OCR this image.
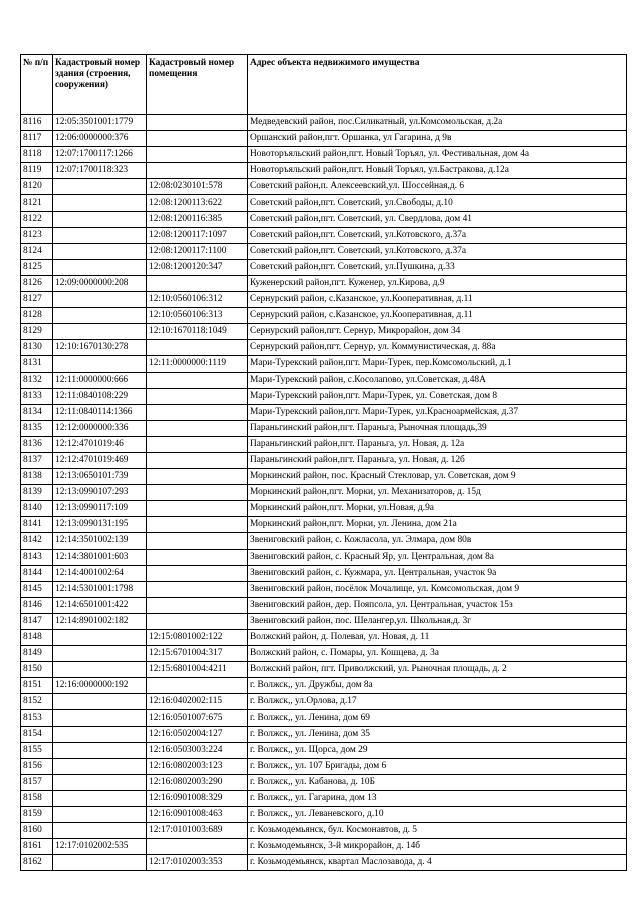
№ п/п	Кадастровый номер здания (строения, сооружения)	Кадастровый номер помещения	Адрес объекта недвижимого имущества
8116	12:05:3501001:1779		Медведевский район, пос.Силикатный, ул.Комсомольская, д.2а
8117	12:06:0000000:376		Оршанский район,пгт. Оршанка, ул Гагарина, д 9в
8118	12:07:1700117:1266		Новоторъяльский район,пгт. Новый Торъял, ул. Фестивальная, дом 4а
8119	12:07:1700118:323		Новоторъяльский район,пгт. Новый Торъял, ул.Бастракова, д.12а
8120		12:08:0230101:578	Советский район,п. Алексеевский,ул. Шоссейная,д. 6
8121		12:08:1200113:622	Советский район,пгт. Советский, ул.Свободы, д.10
8122		12:08:1200116:385	Советский район,пгт. Советский, ул. Свердлова, дом 41
8123		12:08:1200117:1097	Советский район,пгт. Советский, ул.Котовского, д.37а
8124		12:08:1200117:1100	Советский район,пгт. Советский, ул.Котовского, д.37а
8125		12:08:1200120:347	Советский район,пгт. Советский, ул.Пушкина, д.33
8126	12:09:0000000:208		Куженерский район,пгт. Куженер, ул.Кирова, д.9
8127		12:10:0560106:312	Сернурский район, с.Казанское, ул.Кооперативная, д.11
8128		12:10:0560106:313	Сернурский район, с.Казанское, ул.Кооперативная, д.11
8129		12:10:1670118:1049	Сернурский район,пгт. Сернур, Микрорайон, дом 34
8130	12:10:1670130:278		Сернурский район,пгт. Сернур, ул. Коммунистическая, д. 88а
8131		12:11:0000000:1119	Мари-Турекский район,пгт. Мари-Турек, пер.Комсомольский, д.1
8132	12:11:0000000:666		Мари-Турекский район, с.Косолапово, ул.Советская, д.48А
8133	12:11:0840108:229		Мари-Турекский район,пгт. Мари-Турек, ул. Советская, дом 8
8134	12:11:0840114:1366		Мари-Турекский район,пгт. Мари-Турек, ул.Красноармейская, д.37
8135	12:12:0000000:336		Параньгинский район,пгт. Параньга, Рыночная площадь,39
8136	12:12:4701019:46		Параньгинский район,пгт. Параньга, ул. Новая, д. 12а
8137	12:12:4701019:469		Параньгинский район,пгт. Параньга, ул. Новая, д. 12б
8138	12:13:0650101:739		Моркинский район, пос. Красный Стекловар, ул. Советская, дом 9
8139	12:13:0990107:293		Моркинский район,пгт. Морки, ул. Механизаторов, д. 15д
8140	12:13:0990117:109		Моркинский район,пгт. Морки, ул.Новая, д.9а
8141	12:13:0990131:195		Моркинский район,пгт. Морки, ул. Ленина, дом 21а
8142	12:14:3501002:139		Звениговский район, с. Кожласола, ул. Элмара, дом 80в
8143	12:14:3801001:603		Звениговский район, с. Красный Яр, ул. Центральная, дом 8а
8144	12:14:4001002:64		Звениговский район, с. Кужмара, ул. Центральная, участок 9а
8145	12:14:5301001:1798		Звениговский район, посёлок Мочалище, ул. Комсомольская, дом 9
8146	12:14:6501001:422		Звениговский район, дер. Пояпсола, ул. Центральная, участок 15з
8147	12:14:8901002:182		Звениговский район, пос. Шелангер,ул. Школьная,д. 3г
8148		12:15:0801002:122	Волжский район, д. Полевая, ул. Новая, д. 11
8149		12:15:6701004:317	Волжский район, с. Помары, ул. Кошцева, д. 3а
8150		12:15:6801004:4211	Волжский район, пгт. Приволжский, ул. Рыночная площадь, д. 2
8151	12:16:0000000:192		г. Волжск,, ул. Дружбы, дом 8а
8152		12:16:0402002:115	г. Волжск,, ул.Орлова, д.17
8153		12:16:0501007:675	г. Волжск,, ул. Ленина, дом 69
8154		12:16:0502004:127	г. Волжск,, ул. Ленина, дом 35
8155		12:16:0503003:224	г. Волжск,, ул. Щорса, дом 29
8156		12:16:0802003:123	г. Волжск,, ул. 107 Бригады, дом 6
8157		12:16:0802003:290	г. Волжск,, ул. Кабанова, д. 10Б
8158		12:16:0901008:329	г. Волжск,, ул. Гагарина, дом 13
8159		12:16:0901008:463	г. Волжск,, ул. Леваневского, д.10
8160		12:17:0101003:689	г. Козьмодемьянск, бул. Космонавтов, д. 5
8161	12:17:0102002:535		г. Козьмодемьянск, 3-й микрорайон, д. 14б
8162		12:17:0102003:353	г. Козьмодемьянск, квартал Маслозавода, д. 4
